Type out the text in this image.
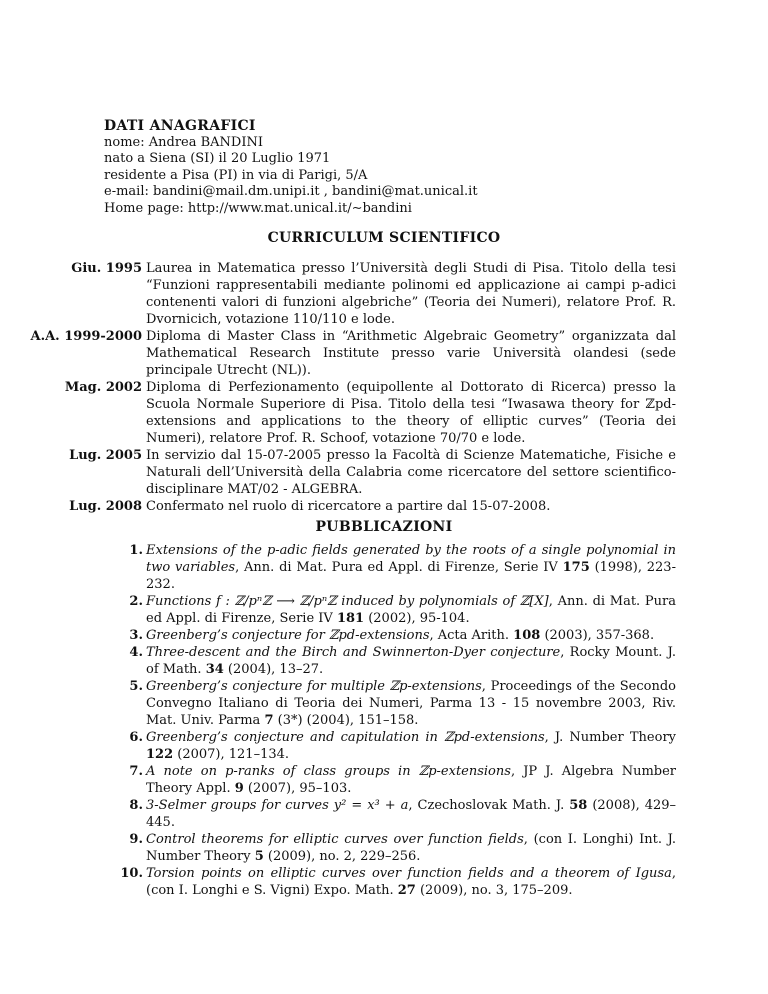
DATI ANAGRAFICI
nome: Andrea BANDINI
nato a Siena (SI) il 20 Luglio 1971
residente a Pisa (PI) in via di Parigi, 5/A
e-mail: bandini@mail.dm.unipi.it , bandini@mat.unical.it
Home page: http://www.mat.unical.it/∼bandini
CURRICULUM SCIENTIFICO
Giu. 1995 Laurea in Matematica presso l’Università degli Studi di Pisa. Titolo della tesi “Funzioni rappresentabili mediante polinomi ed applicazione ai campi p-adici contenenti valori di funzioni algebriche” (Teoria dei Numeri), relatore Prof. R. Dvornicich, votazione 110/110 e lode.
A.A. 1999-2000 Diploma di Master Class in “Arithmetic Algebraic Geometry” organizzata dal Mathematical Research Institute presso varie Università olandesi (sede principale Utrecht (NL)).
Mag. 2002 Diploma di Perfezionamento (equipollente al Dottorato di Ricerca) presso la Scuola Normale Superiore di Pisa. Titolo della tesi “Iwasawa theory for ℤpd-extensions and applications to the theory of elliptic curves” (Teoria dei Numeri), relatore Prof. R. Schoof, votazione 70/70 e lode.
Lug. 2005 In servizio dal 15-07-2005 presso la Facoltà di Scienze Matematiche, Fisiche e Naturali dell’Università della Calabria come ricercatore del settore scientifico-disciplinare MAT/02 - ALGEBRA.
Lug. 2008 Confermato nel ruolo di ricercatore a partire dal 15-07-2008.
PUBBLICAZIONI
1. Extensions of the p-adic fields generated by the roots of a single polynomial in two variables, Ann. di Mat. Pura ed Appl. di Firenze, Serie IV 175 (1998), 223-232.
2. Functions f : ℤ/pⁿℤ ⟶ ℤ/pⁿℤ induced by polynomials of ℤ[X], Ann. di Mat. Pura ed Appl. di Firenze, Serie IV 181 (2002), 95-104.
3. Greenberg’s conjecture for ℤpd-extensions, Acta Arith. 108 (2003), 357-368.
4. Three-descent and the Birch and Swinnerton-Dyer conjecture, Rocky Mount. J. of Math. 34 (2004), 13–27.
5. Greenberg’s conjecture for multiple ℤp-extensions, Proceedings of the Secondo Convegno Italiano di Teoria dei Numeri, Parma 13 - 15 novembre 2003, Riv. Mat. Univ. Parma 7 (3*) (2004), 151–158.
6. Greenberg’s conjecture and capitulation in ℤpd-extensions, J. Number Theory 122 (2007), 121–134.
7. A note on p-ranks of class groups in ℤp-extensions, JP J. Algebra Number Theory Appl. 9 (2007), 95–103.
8. 3-Selmer groups for curves y² = x³ + a, Czechoslovak Math. J. 58 (2008), 429–445.
9. Control theorems for elliptic curves over function fields, (con I. Longhi) Int. J. Number Theory 5 (2009), no. 2, 229–256.
10. Torsion points on elliptic curves over function fields and a theorem of Igusa, (con I. Longhi e S. Vigni) Expo. Math. 27 (2009), no. 3, 175–209.
